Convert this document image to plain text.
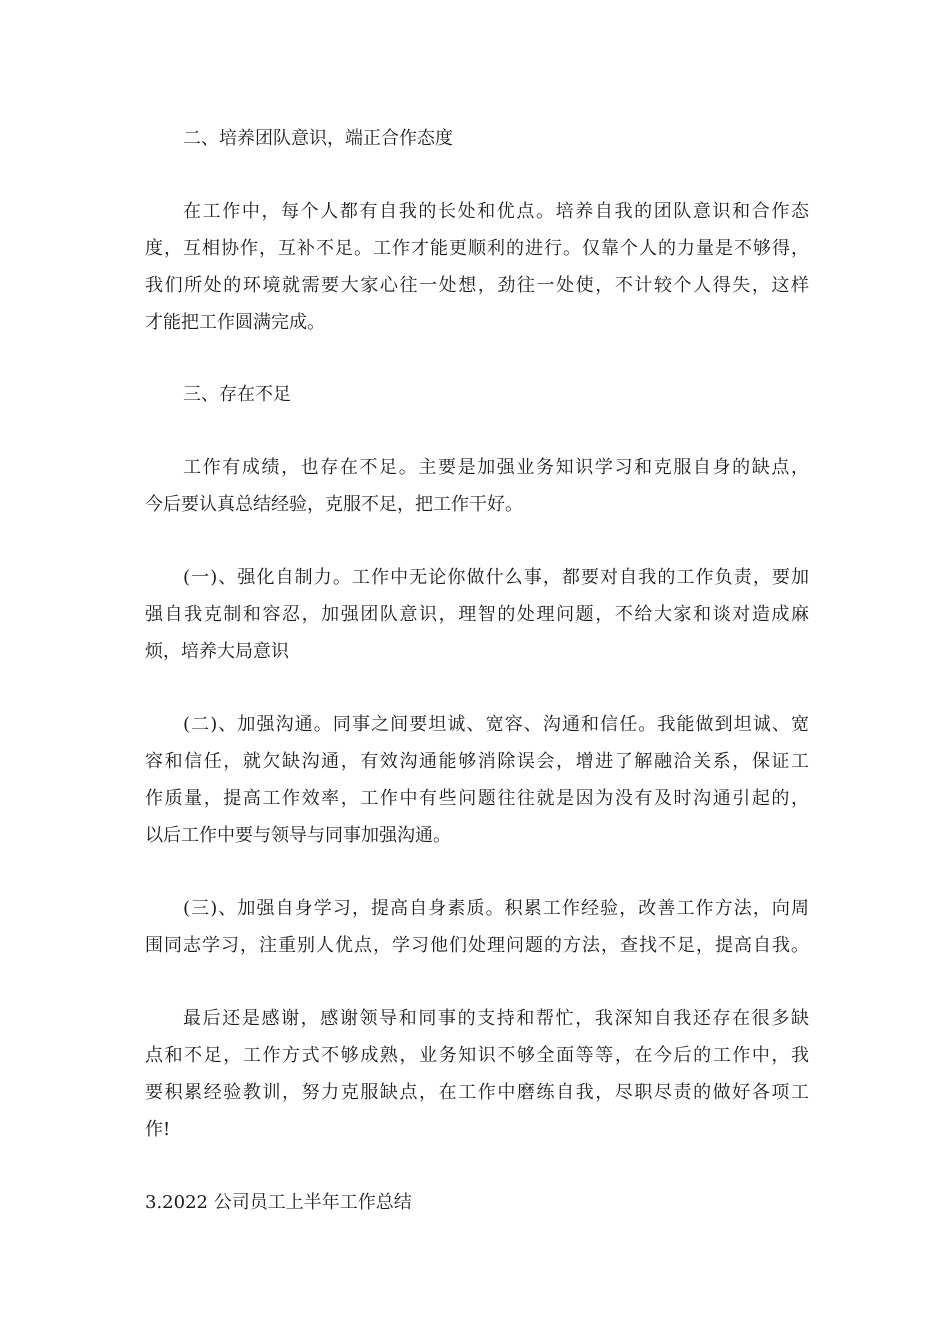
二、培养团队意识，端正合作态度
在工作中，每个人都有自我的长处和优点。培养自我的团队意识和合作态
度，互相协作，互补不足。工作才能更顺利的进行。仅靠个人的力量是不够得，
我们所处的环境就需要大家心往一处想，劲往一处使，不计较个人得失，这样
才能把工作圆满完成。
三、存在不足
工作有成绩，也存在不足。主要是加强业务知识学习和克服自身的缺点，
今后要认真总结经验，克服不足，把工作干好。
(一)、强化自制力。工作中无论你做什么事，都要对自我的工作负责，要加
强自我克制和容忍，加强团队意识，理智的处理问题，不给大家和谈对造成麻
烦，培养大局意识
(二)、加强沟通。同事之间要坦诚、宽容、沟通和信任。我能做到坦诚、宽
容和信任，就欠缺沟通，有效沟通能够消除误会，增进了解融洽关系，保证工
作质量，提高工作效率，工作中有些问题往往就是因为没有及时沟通引起的，
以后工作中要与领导与同事加强沟通。
(三)、加强自身学习，提高自身素质。积累工作经验，改善工作方法，向周
围同志学习，注重别人优点，学习他们处理问题的方法，查找不足，提高自我。
最后还是感谢，感谢领导和同事的支持和帮忙，我深知自我还存在很多缺
点和不足，工作方式不够成熟，业务知识不够全面等等，在今后的工作中，我
要积累经验教训，努力克服缺点，在工作中磨练自我，尽职尽责的做好各项工
作!
3.2022 公司员工上半年工作总结
